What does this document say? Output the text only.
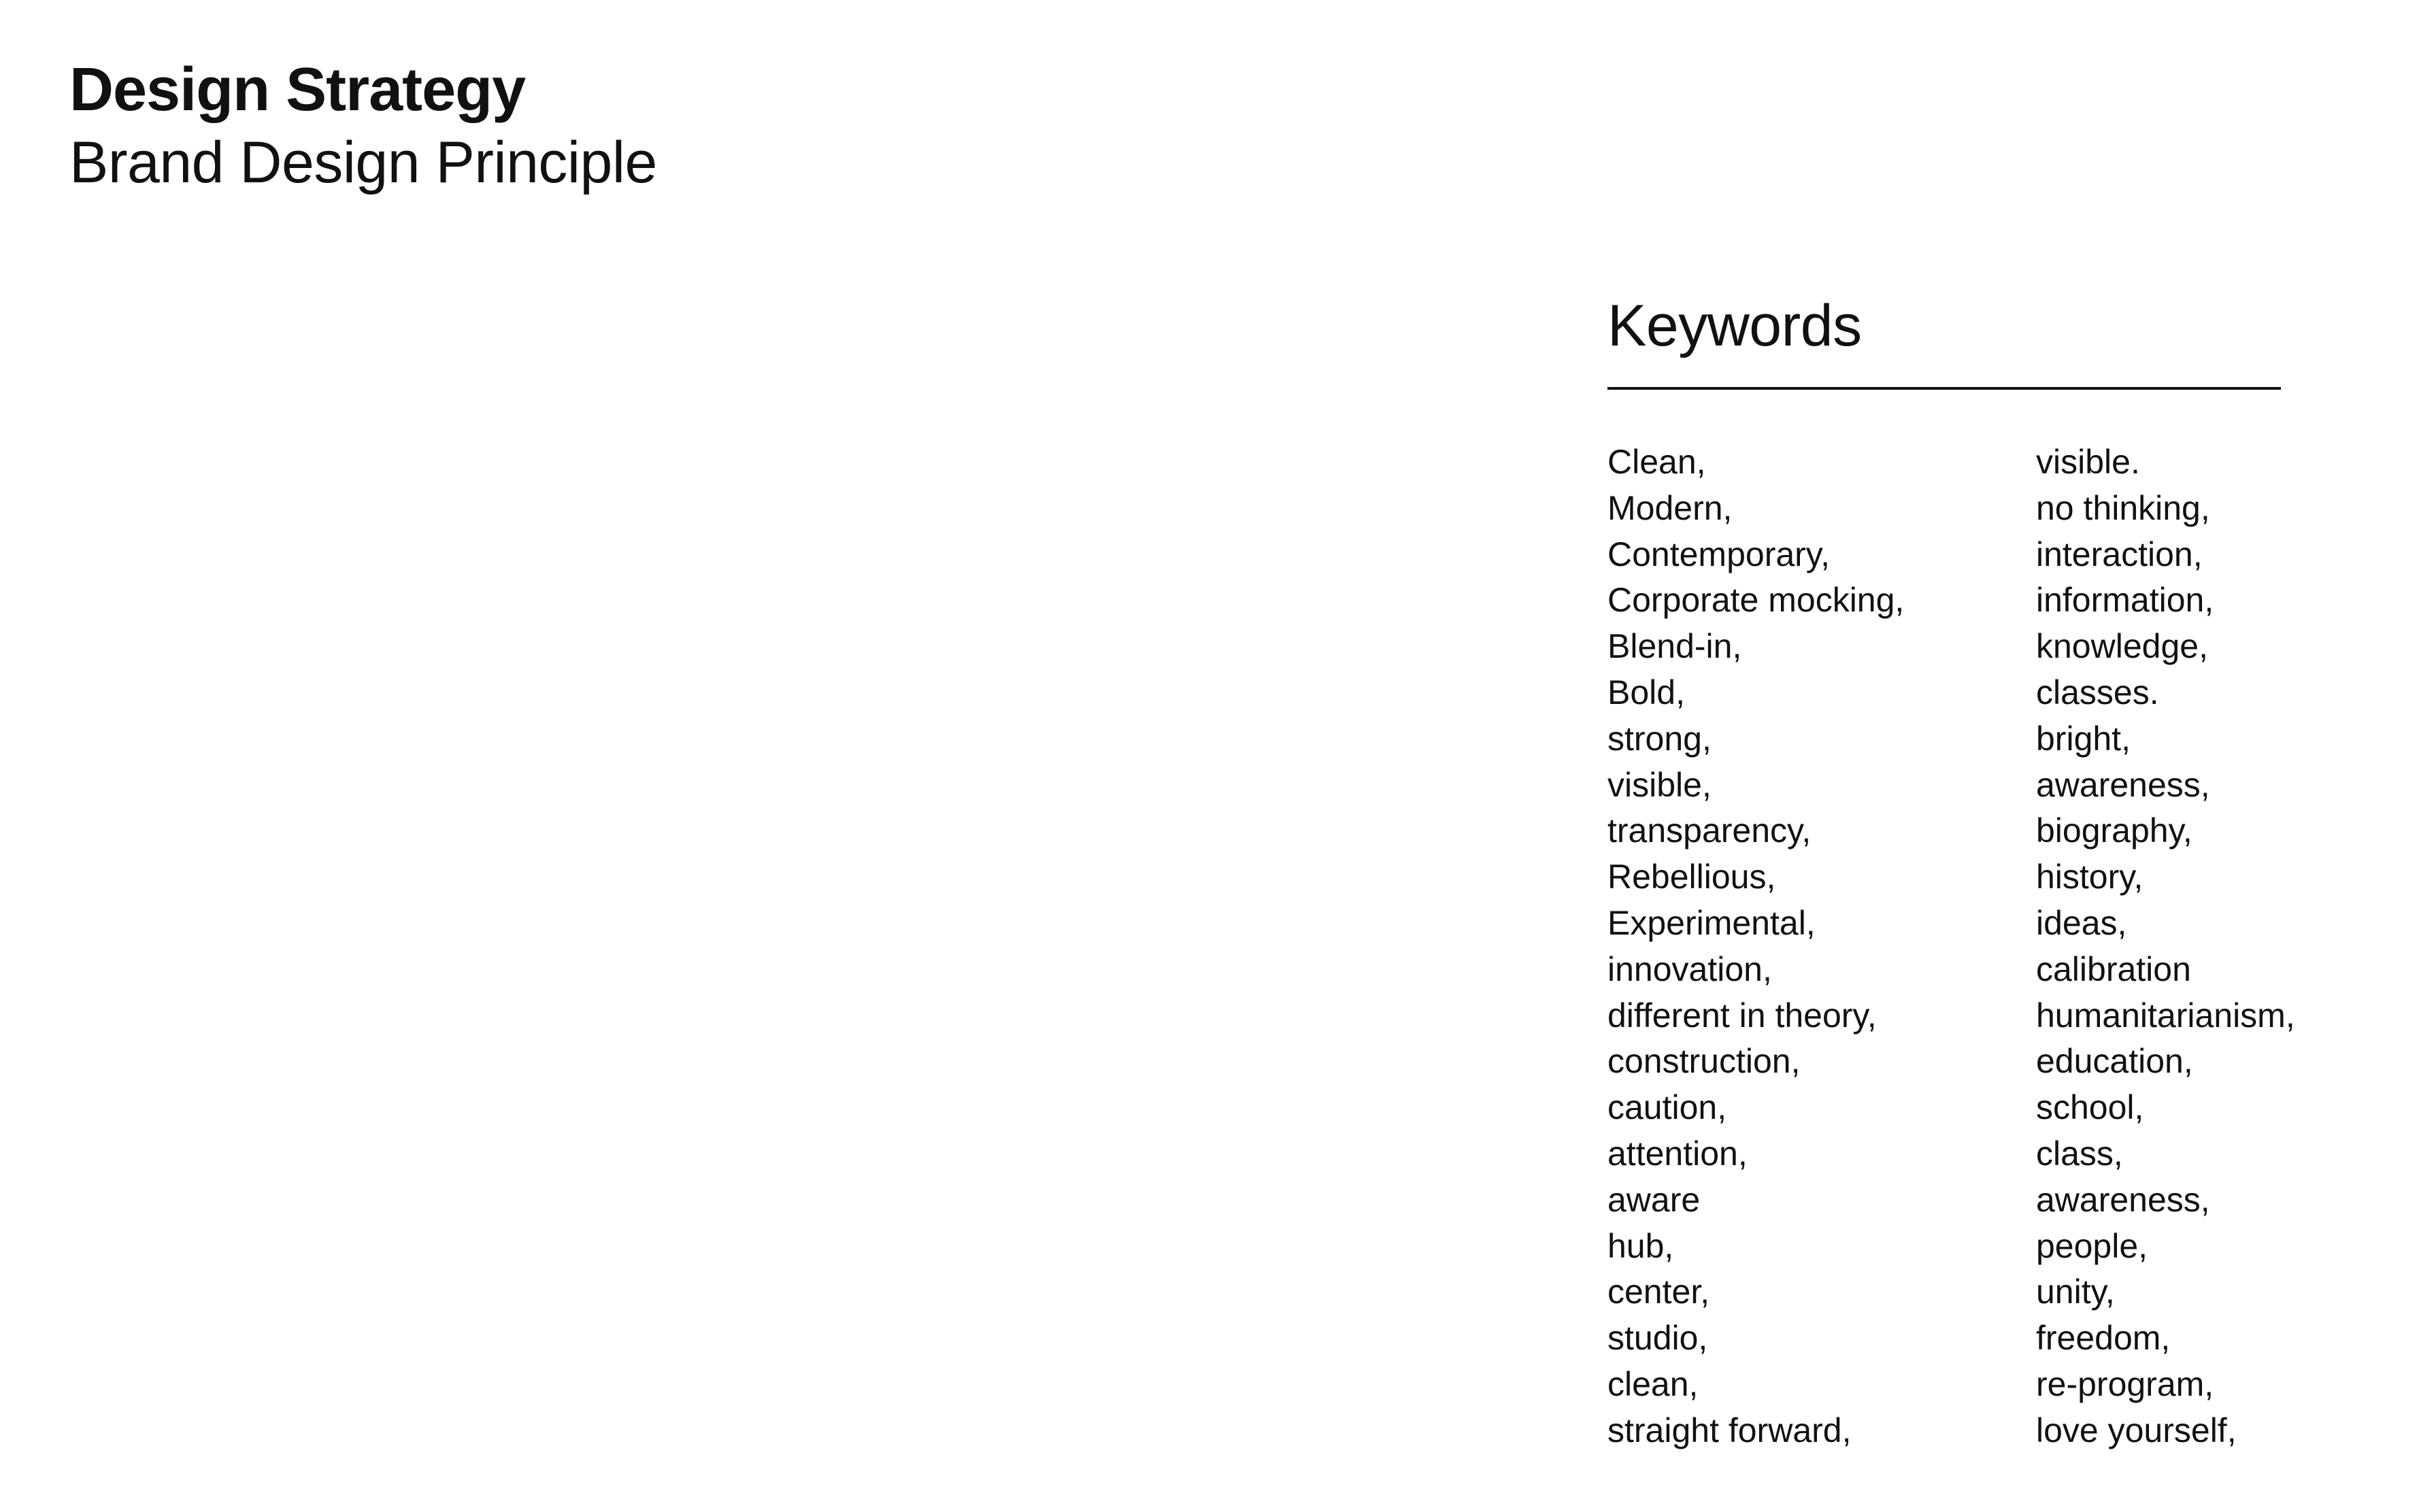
Design Strategy
Brand Design Principle
Keywords
Clean,
Modern,
Contemporary,
Corporate mocking,
Blend-in,
Bold,
strong,
visible,
transparency,
Rebellious,
Experimental,
innovation,
different in theory,
construction,
caution,
attention,
aware
hub,
center,
studio,
clean,
straight forward,
visible.
no thinking,
interaction,
information,
knowledge,
classes.
bright,
awareness,
biography,
history,
ideas,
calibration
humanitarianism,
education,
school,
class,
awareness,
people,
unity,
freedom,
re-program,
love yourself,
